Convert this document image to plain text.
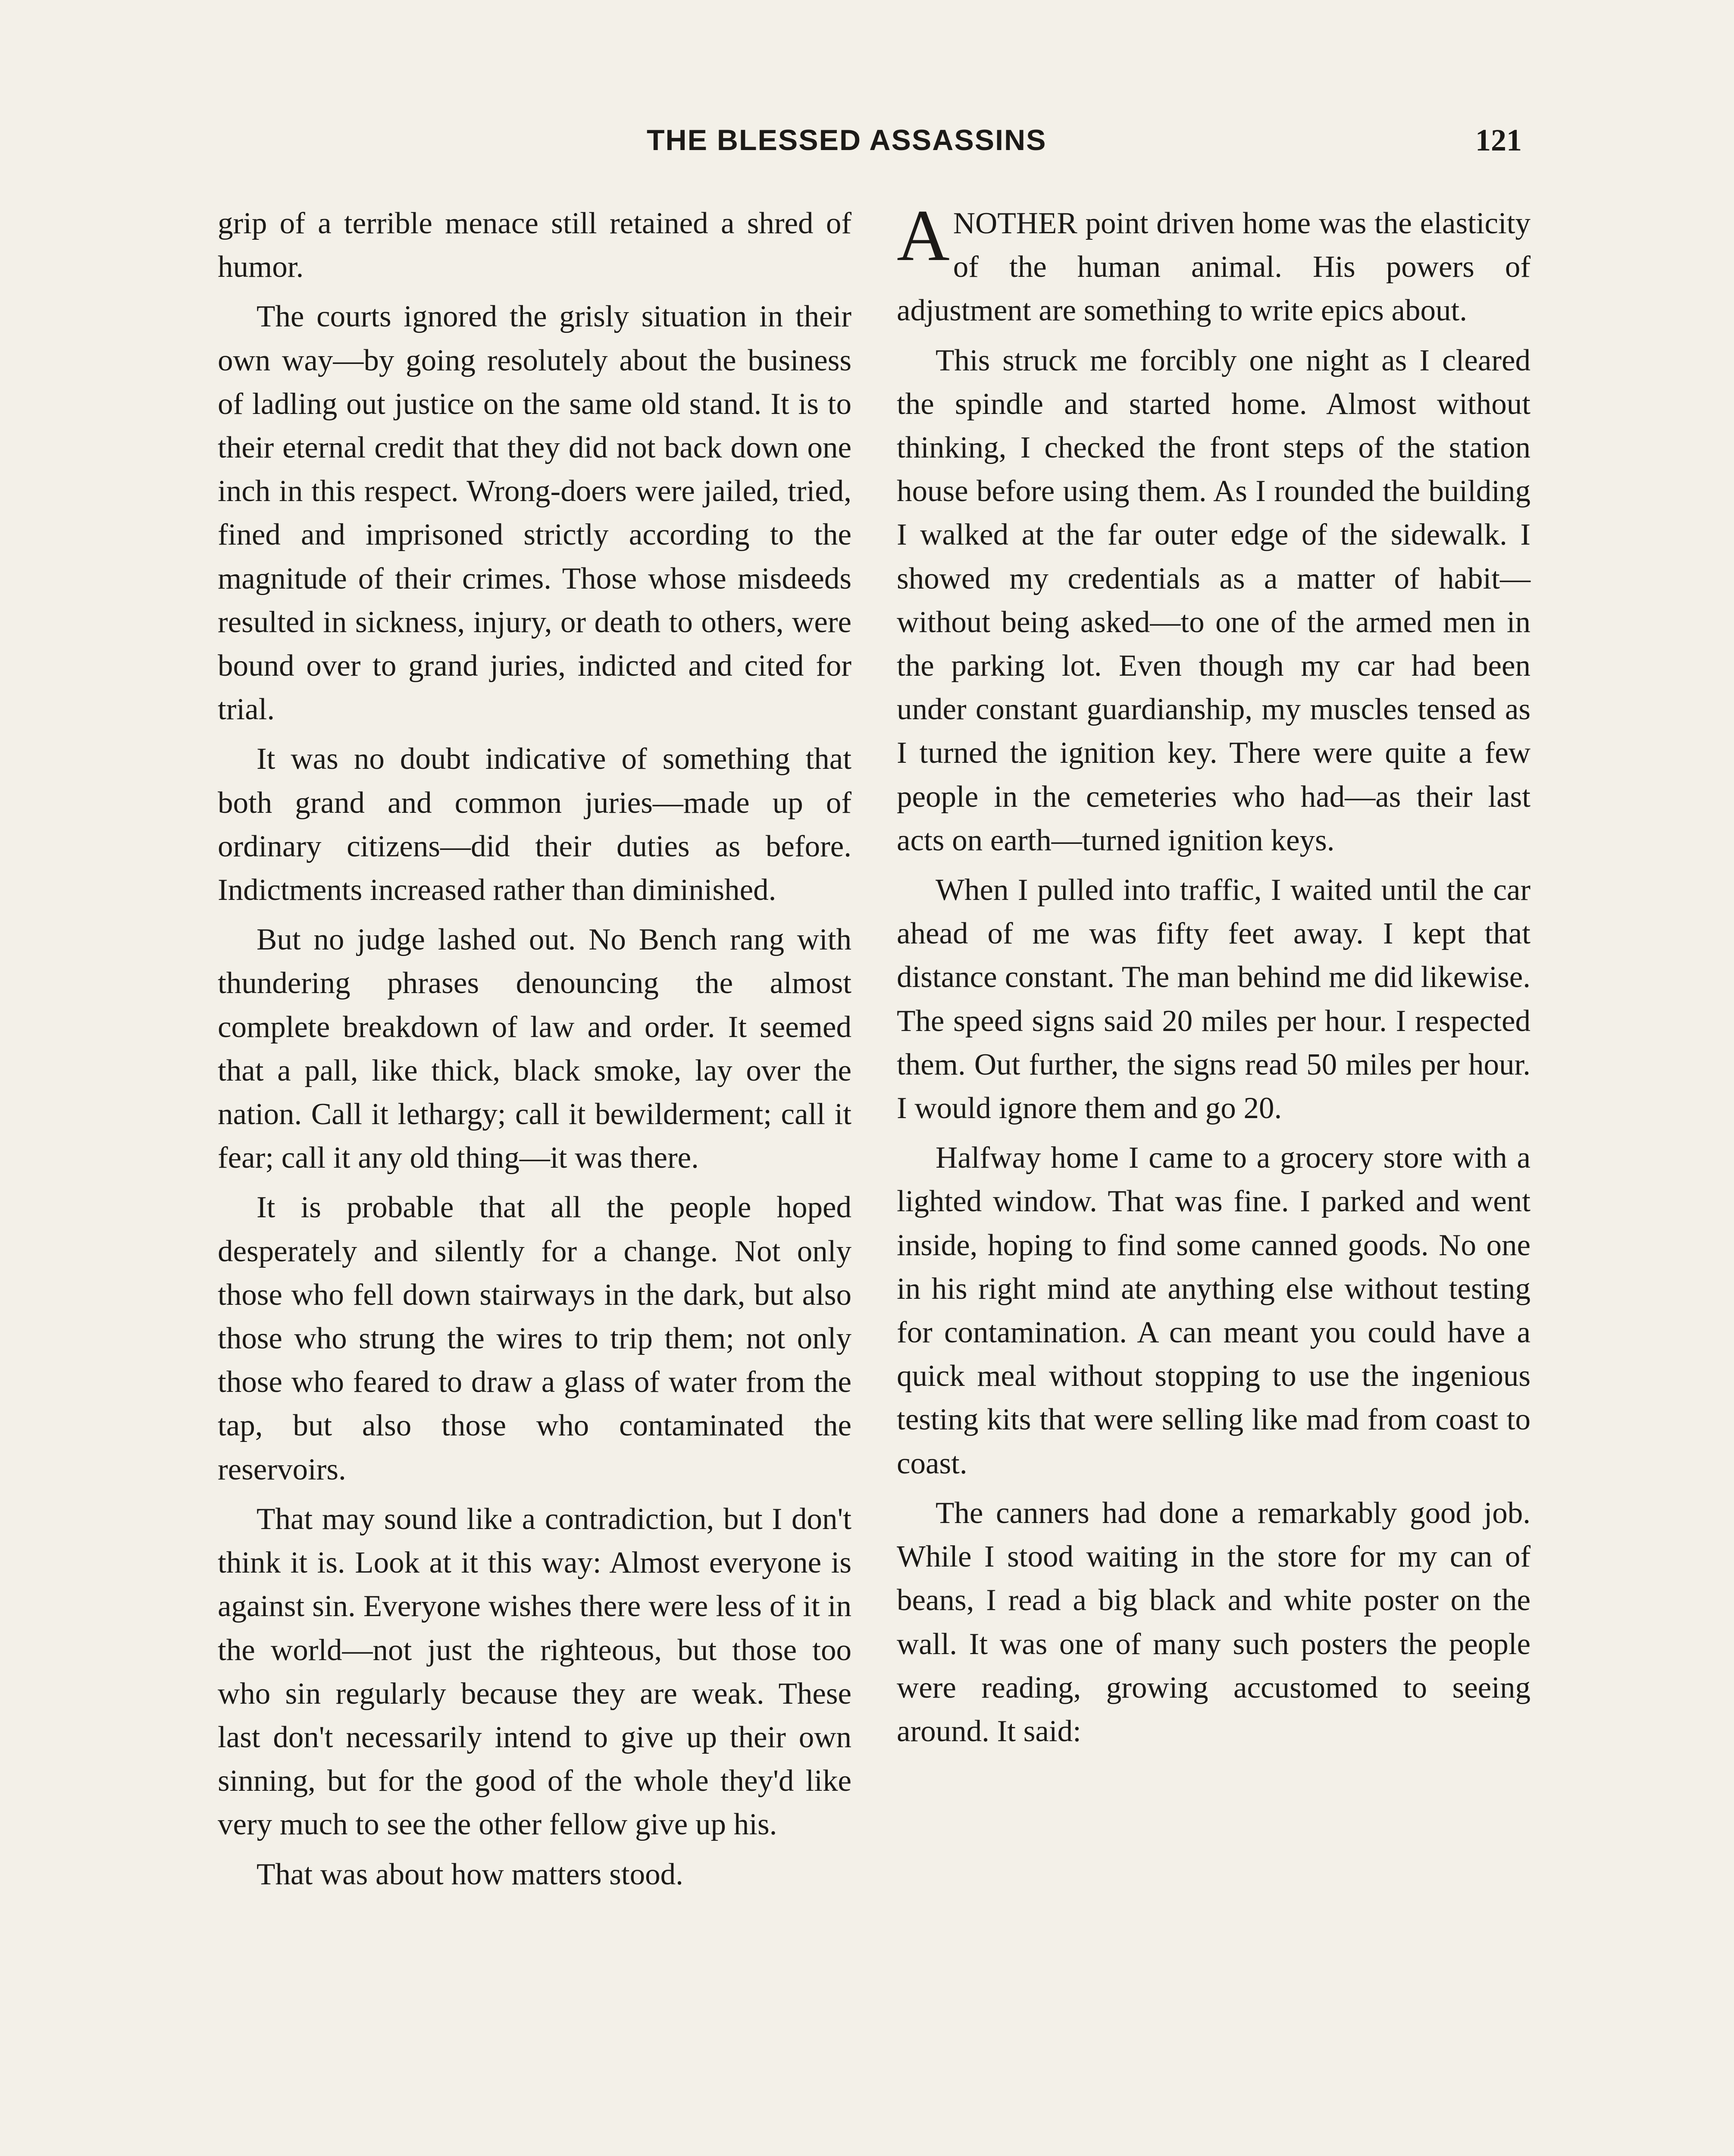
THE BLESSED ASSASSINS	121

grip of a terrible menace still retained a shred of humor.

The courts ignored the grisly situation in their own way—by going resolutely about the business of ladling out justice on the same old stand. It is to their eternal credit that they did not back down one inch in this respect. Wrong-doers were jailed, tried, fined and imprisoned strictly according to the magnitude of their crimes. Those whose misdeeds resulted in sickness, injury, or death to others, were bound over to grand juries, indicted and cited for trial.

It was no doubt indicative of something that both grand and common juries—made up of ordinary citizens—did their duties as before. Indictments increased rather than diminished.

But no judge lashed out. No Bench rang with thundering phrases denouncing the almost complete breakdown of law and order. It seemed that a pall, like thick, black smoke, lay over the nation. Call it lethargy; call it bewilderment; call it fear; call it any old thing—it was there.

It is probable that all the people hoped desperately and silently for a change. Not only those who fell down stairways in the dark, but also those who strung the wires to trip them; not only those who feared to draw a glass of water from the tap, but also those who contaminated the reservoirs.

That may sound like a contradiction, but I don't think it is. Look at it this way: Almost everyone is against sin. Everyone wishes there were less of it in the world—not just the righteous, but those too who sin regularly because they are weak. These last don't necessarily intend to give up their own sinning, but for the good of the whole they'd like very much to see the other fellow give up his.

That was about how matters stood.

ANOTHER point driven home was the elasticity of the human animal. His powers of adjustment are something to write epics about.

This struck me forcibly one night as I cleared the spindle and started home. Almost without thinking, I checked the front steps of the station house before using them. As I rounded the building I walked at the far outer edge of the sidewalk. I showed my credentials as a matter of habit—without being asked—to one of the armed men in the parking lot. Even though my car had been under constant guardianship, my muscles tensed as I turned the ignition key. There were quite a few people in the cemeteries who had—as their last acts on earth—turned ignition keys.

When I pulled into traffic, I waited until the car ahead of me was fifty feet away. I kept that distance constant. The man behind me did likewise. The speed signs said 20 miles per hour. I respected them. Out further, the signs read 50 miles per hour. I would ignore them and go 20.

Halfway home I came to a grocery store with a lighted window. That was fine. I parked and went inside, hoping to find some canned goods. No one in his right mind ate anything else without testing for contamination. A can meant you could have a quick meal without stopping to use the ingenious testing kits that were selling like mad from coast to coast.

The canners had done a remarkably good job. While I stood waiting in the store for my can of beans, I read a big black and white poster on the wall. It was one of many such posters the people were reading, growing accustomed to seeing around. It said:
